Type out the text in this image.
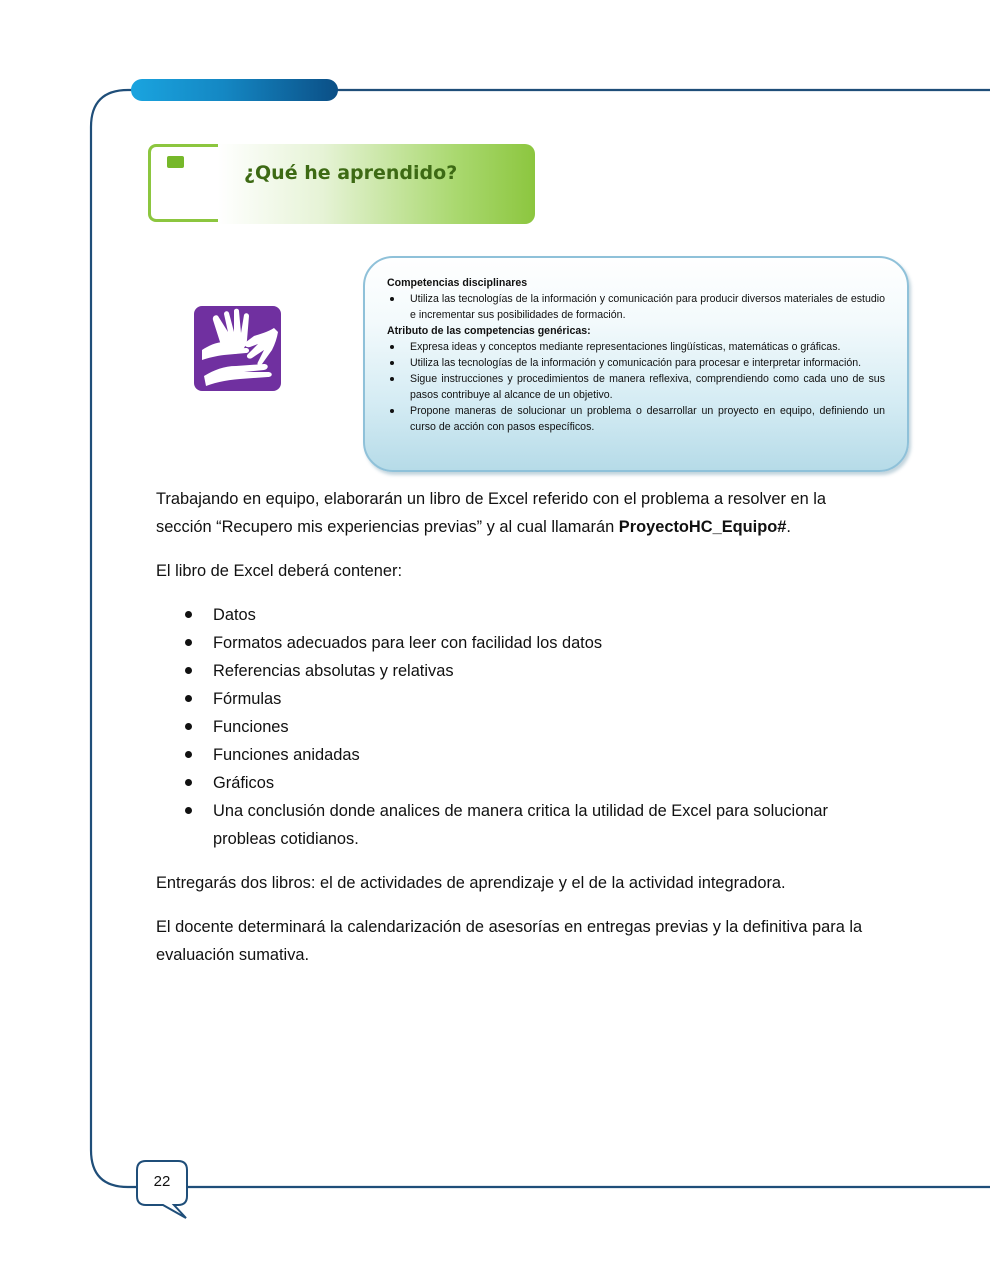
¿Qué he aprendido?
Competencias disciplinares
Utiliza las tecnologías de la información y comunicación para producir diversos materiales de estudio e incrementar sus posibilidades de formación.
Atributo de las competencias genéricas:
Expresa ideas y conceptos mediante representaciones lingüísticas, matemáticas o gráficas.
Utiliza las tecnologías de la información y comunicación para procesar e interpretar información.
Sigue instrucciones y procedimientos de manera reflexiva, comprendiendo como cada uno de sus pasos contribuye al alcance de un objetivo.
Propone maneras de solucionar un problema o desarrollar un proyecto en equipo, definiendo un curso de acción con pasos específicos.

Trabajando en equipo, elaborarán un libro de Excel referido con el problema a resolver en la sección “Recupero mis experiencias previas” y al cual llamarán ProyectoHC_Equipo#.

El libro de Excel deberá contener:

Datos
Formatos adecuados para leer con facilidad los datos
Referencias absolutas y relativas
Fórmulas
Funciones
Funciones anidadas
Gráficos
Una conclusión donde analices de manera critica la utilidad de Excel para solucionar probleas cotidianos.

Entregarás dos libros: el de actividades de aprendizaje y el de la actividad integradora.

El docente determinará la calendarización de asesorías en entregas previas y la definitiva para la evaluación sumativa.

22
